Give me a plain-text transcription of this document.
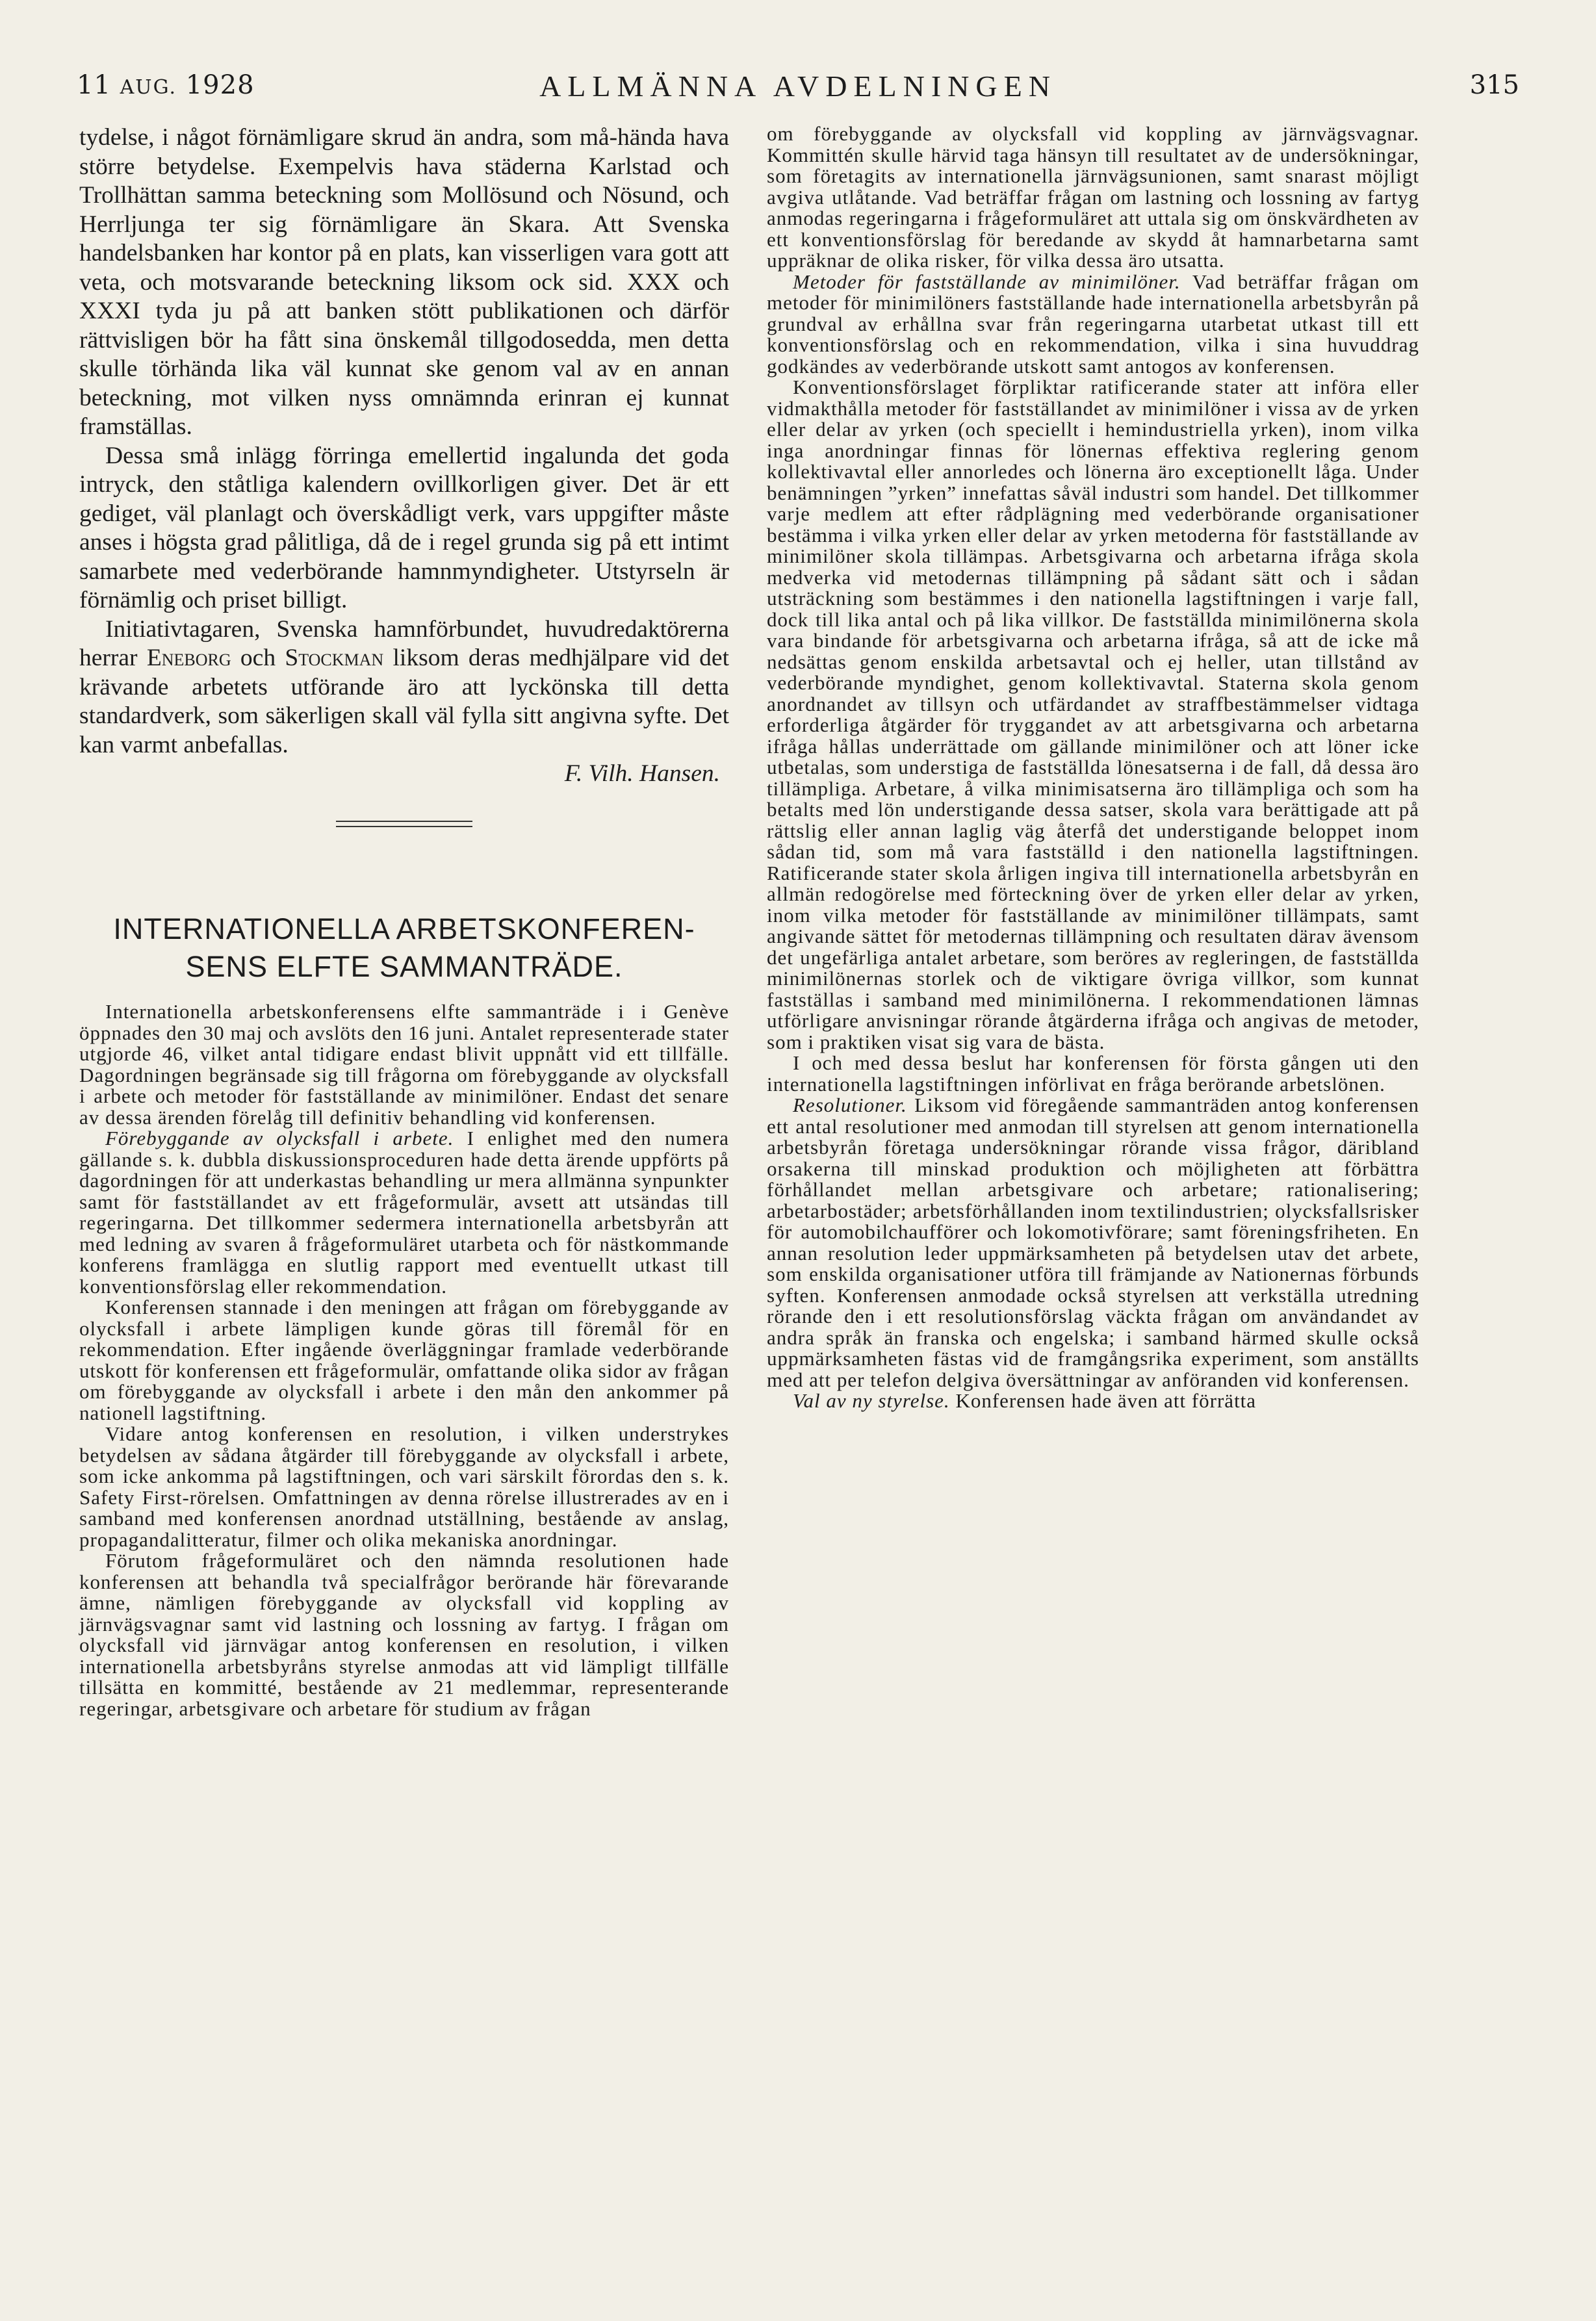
11 AUG. 1928	ALLMÄNNA AVDELNINGEN	315

tydelse, i något förnämligare skrud än andra, som må-hända hava större betydelse. Exempelvis hava städerna Karlstad och Trollhättan samma beteckning som Mollösund och Nösund, och Herrljunga ter sig förnämligare än Skara. Att Svenska handelsbanken har kontor på en plats, kan visserligen vara gott att veta, och motsvarande beteckning liksom ock sid. XXX och XXXI tyda ju på att banken stött publikationen och därför rättvisligen bör ha fått sina önskemål tillgodosedda, men detta skulle törhända lika väl kunnat ske genom val av en annan beteckning, mot vilken nyss omnämnda erinran ej kunnat framställas.

Dessa små inlägg förringa emellertid ingalunda det goda intryck, den ståtliga kalendern ovillkorligen giver. Det är ett gediget, väl planlagt och överskådligt verk, vars uppgifter måste anses i högsta grad pålitliga, då de i regel grunda sig på ett intimt samarbete med vederbörande hamnmyndigheter. Utstyrseln är förnämlig och priset billigt.

Initiativtagaren, Svenska hamnförbundet, huvudredaktörerna herrar Eneborg och Stockman liksom deras medhjälpare vid det krävande arbetets utförande äro att lyckönska till detta standardverk, som säkerligen skall väl fylla sitt angivna syfte. Det kan varmt anbefallas.

F. Vilh. Hansen.
INTERNATIONELLA ARBETSKONFEREN-
SENS ELFTE SAMMANTRÄDE.

Internationella arbetskonferensens elfte sammanträde i i Genève öppnades den 30 maj och avslöts den 16 juni. Antalet representerade stater utgjorde 46, vilket antal tidigare endast blivit uppnått vid ett tillfälle. Dagordningen begränsade sig till frågorna om förebyggande av olycksfall i arbete och metoder för fastställande av minimilöner. Endast det senare av dessa ärenden förelåg till definitiv behandling vid konferensen.

Förebyggande av olycksfall i arbete. I enlighet med den numera gällande s. k. dubbla diskussionsproceduren hade detta ärende uppförts på dagordningen för att underkastas behandling ur mera allmänna synpunkter samt för fastställandet av ett frågeformulär, avsett att utsändas till regeringarna. Det tillkommer sedermera internationella arbetsbyrån att med ledning av svaren å frågeformuläret utarbeta och för nästkommande konferens framlägga en slutlig rapport med eventuellt utkast till konventionsförslag eller rekommendation.

Konferensen stannade i den meningen att frågan om förebyggande av olycksfall i arbete lämpligen kunde göras till föremål för en rekommendation. Efter ingående överläggningar framlade vederbörande utskott för konferensen ett frågeformulär, omfattande olika sidor av frågan om förebyggande av olycksfall i arbete i den mån den ankommer på nationell lagstiftning.

Vidare antog konferensen en resolution, i vilken understrykes betydelsen av sådana åtgärder till förebyggande av olycksfall i arbete, som icke ankomma på lagstiftningen, och vari särskilt förordas den s. k. Safety First-rörelsen. Omfattningen av denna rörelse illustrerades av en i samband med konferensen anordnad utställning, bestående av anslag, propagandalitteratur, filmer och olika mekaniska anordningar.

Förutom frågeformuläret och den nämnda resolutionen hade konferensen att behandla två specialfrågor berörande här förevarande ämne, nämligen förebyggande av olycksfall vid koppling av järnvägsvagnar samt vid lastning och lossning av fartyg. I frågan om olycksfall vid järnvägar antog konferensen en resolution, i vilken internationella arbetsbyråns styrelse anmodas att vid lämpligt tillfälle tillsätta en kommitté, bestående av 21 medlemmar, representerande regeringar, arbetsgivare och arbetare för studium av frågan

om förebyggande av olycksfall vid koppling av järnvägsvagnar. Kommittén skulle härvid taga hänsyn till resultatet av de undersökningar, som företagits av internationella järnvägsunionen, samt snarast möjligt avgiva utlåtande. Vad beträffar frågan om lastning och lossning av fartyg anmodas regeringarna i frågeformuläret att uttala sig om önskvärdheten av ett konventionsförslag för beredande av skydd åt hamnarbetarna samt uppräknar de olika risker, för vilka dessa äro utsatta.

Metoder för fastställande av minimilöner. Vad beträffar frågan om metoder för minimilöners fastställande hade internationella arbetsbyrån på grundval av erhållna svar från regeringarna utarbetat utkast till ett konventionsförslag och en rekommendation, vilka i sina huvuddrag godkändes av vederbörande utskott samt antogos av konferensen.

Konventionsförslaget förpliktar ratificerande stater att införa eller vidmakthålla metoder för fastställandet av minimilöner i vissa av de yrken eller delar av yrken (och speciellt i hemindustriella yrken), inom vilka inga anordningar finnas för lönernas effektiva reglering genom kollektivavtal eller annorledes och lönerna äro exceptionellt låga. Under benämningen ”yrken” innefattas såväl industri som handel. Det tillkommer varje medlem att efter rådplägning med vederbörande organisationer bestämma i vilka yrken eller delar av yrken metoderna för fastställande av minimilöner skola tillämpas. Arbetsgivarna och arbetarna ifråga skola medverka vid metodernas tillämpning på sådant sätt och i sådan utsträckning som bestämmes i den nationella lagstiftningen i varje fall, dock till lika antal och på lika villkor. De fastställda minimilönerna skola vara bindande för arbetsgivarna och arbetarna ifråga, så att de icke må nedsättas genom enskilda arbetsavtal och ej heller, utan tillstånd av vederbörande myndighet, genom kollektivavtal. Staterna skola genom anordnandet av tillsyn och utfärdandet av straffbestämmelser vidtaga erforderliga åtgärder för tryggandet av att arbetsgivarna och arbetarna ifråga hållas underrättade om gällande minimilöner och att löner icke utbetalas, som understiga de fastställda lönesatserna i de fall, då dessa äro tillämpliga. Arbetare, å vilka minimisatserna äro tillämpliga och som ha betalts med lön understigande dessa satser, skola vara berättigade att på rättslig eller annan laglig väg återfå det understigande beloppet inom sådan tid, som må vara fastställd i den nationella lagstiftningen. Ratificerande stater skola årligen ingiva till internationella arbetsbyrån en allmän redogörelse med förteckning över de yrken eller delar av yrken, inom vilka metoder för fastställande av minimilöner tillämpats, samt angivande sättet för metodernas tillämpning och resultaten därav ävensom det ungefärliga antalet arbetare, som beröres av regleringen, de fastställda minimilönernas storlek och de viktigare övriga villkor, som kunnat fastställas i samband med minimilönerna. I rekommendationen lämnas utförligare anvisningar rörande åtgärderna ifråga och angivas de metoder, som i praktiken visat sig vara de bästa.

I och med dessa beslut har konferensen för första gången uti den internationella lagstiftningen införlivat en fråga berörande arbetslönen.

Resolutioner. Liksom vid föregående sammanträden antog konferensen ett antal resolutioner med anmodan till styrelsen att genom internationella arbetsbyrån företaga undersökningar rörande vissa frågor, däribland orsakerna till minskad produktion och möjligheten att förbättra förhållandet mellan arbetsgivare och arbetare; rationalisering; arbetarbostäder; arbetsförhållanden inom textilindustrien; olycksfallsrisker för automobilchaufförer och lokomotivförare; samt föreningsfriheten. En annan resolution leder uppmärksamheten på betydelsen utav det arbete, som enskilda organisationer utföra till främjande av Nationernas förbunds syften. Konferensen anmodade också styrelsen att verkställa utredning rörande den i ett resolutionsförslag väckta frågan om användandet av andra språk än franska och engelska; i samband härmed skulle också uppmärksamheten fästas vid de framgångsrika experiment, som anställts med att per telefon delgiva översättningar av anföranden vid konferensen.

Val av ny styrelse. Konferensen hade även att förrätta
